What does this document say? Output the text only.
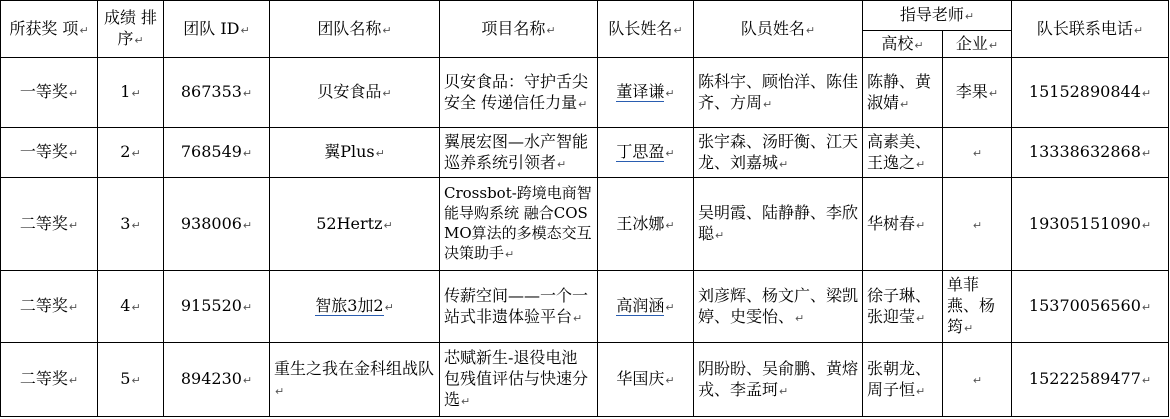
所获奖 项 ↵	成绩 排序 ↵	团队 ID ↵	团队名称 ↵	项目名称 ↵	队长姓名 ↵	队员姓名 ↵	指导老师 ↵		队长联系电话 ↵
							高校 ↵	企业 ↵
一等奖 ↵	1 ↵	867353 ↵	贝安食品 ↵	贝安食品：守护舌尖安全 传递信任力量 ↵	董译谦 ↵	陈科宇、顾怡洋、陈佳齐、方周 ↵	陈静、黄淑婧 ↵	李果 ↵	15152890844 ↵
一等奖 ↵	2 ↵	768549 ↵	翼Plus ↵	翼展宏图—水产智能巡养系统引领者 ↵	丁思盈 ↵	张宇森、汤盱衡、江天龙、刘嘉城 ↵	高素美、王逸之 ↵	↵	13338632868 ↵
二等奖 ↵	3 ↵	938006 ↵	52Hertz ↵	Crossbot-跨境电商智能导购系统 融合COSMO算法的多模态交互决策助手 ↵	王冰娜 ↵	吴明霞、陆静静、李欣聪 ↵	华树春 ↵	↵	19305151090 ↵
二等奖 ↵	4 ↵	915520 ↵	智旅3加2 ↵	传薪空间——一个一站式非遗体验平台 ↵	高润涵 ↵	刘彦辉、杨文广、梁凯婷、史雯怡、 ↵	徐子琳、张迎莹 ↵	单菲燕、杨筠 ↵	15370056560 ↵
二等奖 ↵	5 ↵	894230 ↵	重生之我在金科组战队 ↵	芯赋新生-退役电池包残值评估与快速分选 ↵	华国庆 ↵	阴盼盼、吴俞鹏、黄熔戎、李孟珂 ↵	张朝龙、周子恒 ↵	↵	15222589477 ↵
